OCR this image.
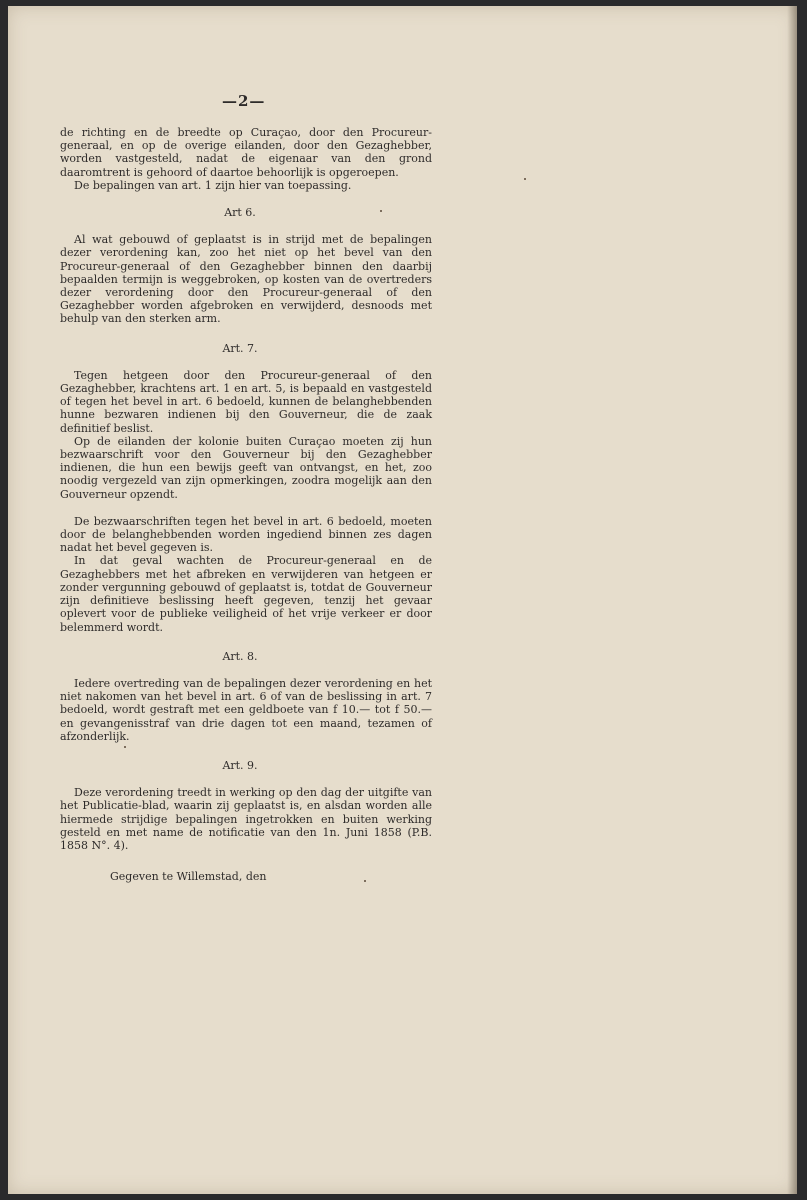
—2—

de richting en de breedte op Curaçao, door den Procureur-generaal, en op de overige eilanden, door den Gezaghebber, worden vastgesteld, nadat de eigenaar van den grond daaromtrent is gehoord of daartoe behoorlijk is opgeroepen.

De bepalingen van art. 1 zijn hier van toepassing.

Art 6.

Al wat gebouwd of geplaatst is in strijd met de bepalingen dezer verordening kan, zoo het niet op het bevel van den Procureur-generaal of den Gezaghebber binnen den daarbij bepaalden termijn is weggebroken, op kosten van de overtreders dezer verordening door den Procureur-generaal of den Gezaghebber worden afgebroken en verwijderd, desnoods met behulp van den sterken arm.

Art. 7.

Tegen hetgeen door den Procureur-generaal of den Gezaghebber, krachtens art. 1 en art. 5, is bepaald en vastgesteld of tegen het bevel in art. 6 bedoeld, kunnen de belanghebbenden hunne bezwaren indienen bij den Gouverneur, die de zaak definitief beslist.

Op de eilanden der kolonie buiten Curaçao moeten zij hun bezwaarschrift voor den Gouverneur bij den Gezaghebber indienen, die hun een bewijs geeft van ontvangst, en het, zoo noodig vergezeld van zijn opmerkingen, zoodra mogelijk aan den Gouverneur opzendt.

De bezwaarschriften tegen het bevel in art. 6 bedoeld, moeten door de belanghebbenden worden ingediend binnen zes dagen nadat het bevel gegeven is.

In dat geval wachten de Procureur-generaal en de Gezaghebbers met het afbreken en verwijderen van hetgeen er zonder vergunning gebouwd of geplaatst is, totdat de Gouverneur zijn definitieve beslissing heeft gegeven, tenzij het gevaar oplevert voor de publieke veiligheid of het vrije verkeer er door belemmerd wordt.

Art. 8.

Iedere overtreding van de bepalingen dezer verordening en het niet nakomen van het bevel in art. 6 of van de beslissing in art. 7 bedoeld, wordt gestraft met een geldboete van f 10.— tot f 50.— en gevangenisstraf van drie dagen tot een maand, tezamen of afzonderlijk.

Art. 9.

Deze verordening treedt in werking op den dag der uitgifte van het Publicatie-blad, waarin zij geplaatst is, en alsdan worden alle hiermede strijdige bepalingen ingetrokken en buiten werking gesteld en met name de notificatie van den 1n. Juni 1858 (P.B. 1858 N°. 4).

Gegeven te Willemstad, den
